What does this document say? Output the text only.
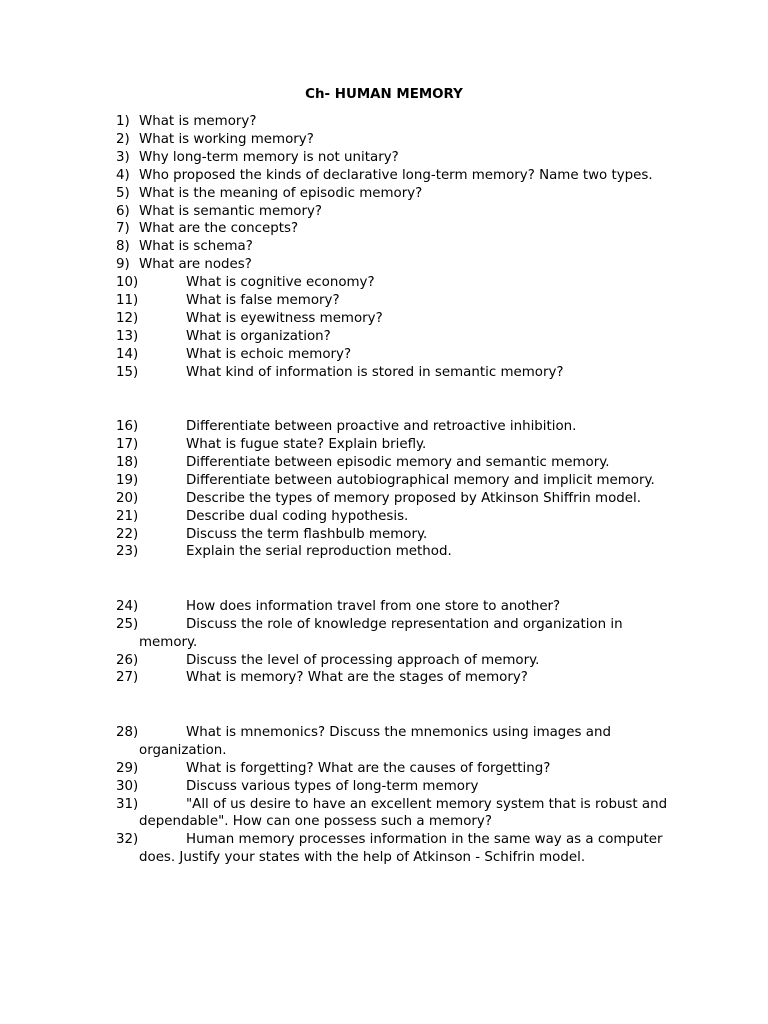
Ch- HUMAN MEMORY
1) What is memory?
2) What is working memory?
3) Why long-term memory is not unitary?
4) Who proposed the kinds of declarative long-term memory? Name two types.
5) What is the meaning of episodic memory?
6) What is semantic memory?
7) What are the concepts?
8) What is schema?
9) What are nodes?
10)	What is cognitive economy?
11)	What is false memory?
12)	What is eyewitness memory?
13)	What is organization?
14)	What is echoic memory?
15)	What kind of information is stored in semantic memory?
16)	Differentiate between proactive and retroactive inhibition.
17)	What is fugue state? Explain briefly.
18)	Differentiate between episodic memory and semantic memory.
19)	Differentiate between autobiographical memory and implicit memory.
20)	Describe the types of memory proposed by Atkinson Shiffrin model.
21)	Describe dual coding hypothesis.
22)	Discuss the term flashbulb memory.
23)	Explain the serial reproduction method.
24)	How does information travel from one store to another?
25)	Discuss the role of knowledge representation and organization in memory.
26)	Discuss the level of processing approach of memory.
27)	What is memory? What are the stages of memory?
28)	What is mnemonics? Discuss the mnemonics using images and organization.
29)	What is forgetting? What are the causes of forgetting?
30)	Discuss various types of long-term memory
31)	"All of us desire to have an excellent memory system that is robust and dependable". How can one possess such a memory?
32)	Human memory processes information in the same way as a computer does. Justify your states with the help of Atkinson - Schifrin model.
